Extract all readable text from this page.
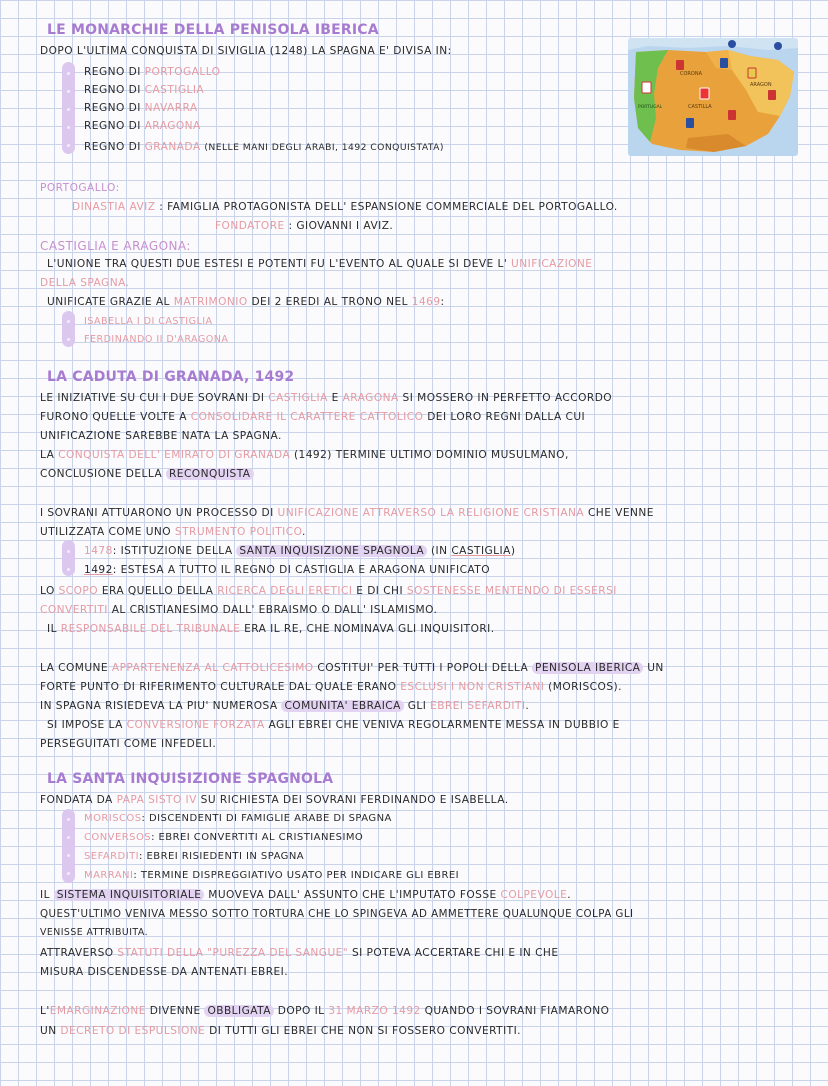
LE MONARCHIE DELLA PENISOLA IBERICA
DOPO L'ULTIMA CONQUISTA DI SIVIGLIA (1248) LA SPAGNA E' DIVISA IN:
REGNO DI PORTOGALLO
REGNO DI CASTIGLIA
REGNO DI NAVARRA
REGNO DI ARAGONA
REGNO DI GRANADA (NELLE MANI DEGLI ARABI, 1492 CONQUISTATA)
CORONA
ARAGON
PORTUGAL	CASTILLA
PORTOGALLO:
DINASTIA AVIZ : FAMIGLIA PROTAGONISTA DELL' ESPANSIONE COMMERCIALE DEL PORTOGALLO.
FONDATORE : GIOVANNI I AVIZ.
CASTIGLIA E ARAGONA:
L'UNIONE TRA QUESTI DUE ESTESI E POTENTI FU L'EVENTO AL QUALE SI DEVE L' UNIFICAZIONE
DELLA SPAGNA.
UNIFICATE GRAZIE AL MATRIMONIO DEI 2 EREDI AL TRONO NEL 1469:
ISABELLA I DI CASTIGLIA
FERDINANDO II D'ARAGONA
LA CADUTA DI GRANADA, 1492
LE INIZIATIVE SU CUI I DUE SOVRANI DI CASTIGLIA E ARAGONA SI MOSSERO IN PERFETTO ACCORDO
FURONO QUELLE VOLTE A CONSOLIDARE IL CARATTERE CATTOLICO DEI LORO REGNI DALLA CUI
UNIFICAZIONE SAREBBE NATA LA SPAGNA.
LA CONQUISTA DELL' EMIRATO DI GRANADA (1492) TERMINE ULTIMO DOMINIO MUSULMANO,
CONCLUSIONE DELLA RECONQUISTA
I SOVRANI ATTUARONO UN PROCESSO DI UNIFICAZIONE ATTRAVERSO LA RELIGIONE CRISTIANA CHE VENNE
UTILIZZATA COME UNO STRUMENTO POLITICO.
1478: ISTITUZIONE DELLA SANTA INQUISIZIONE SPAGNOLA (IN CASTIGLIA)
1492: ESTESA A TUTTO IL REGNO DI CASTIGLIA E ARAGONA UNIFICATO
LO SCOPO ERA QUELLO DELLA RICERCA DEGLI ERETICI E DI CHI SOSTENESSE MENTENDO DI ESSERSI
CONVERTITI AL CRISTIANESIMO DALL' EBRAISMO O DALL' ISLAMISMO.
IL RESPONSABILE DEL TRIBUNALE ERA IL RE, CHE NOMINAVA GLI INQUISITORI.
LA COMUNE APPARTENENZA AL CATTOLICESIMO COSTITUI' PER TUTTI I POPOLI DELLA PENISOLA IBERICA UN
FORTE PUNTO DI RIFERIMENTO CULTURALE DAL QUALE ERANO ESCLUSI I NON CRISTIANI (MORISCOS).
IN SPAGNA RISIEDEVA LA PIU' NUMEROSA COMUNITA' EBRAICA GLI EBREI SEFARDITI.
SI IMPOSE LA CONVERSIONE FORZATA AGLI EBREI CHE VENIVA REGOLARMENTE MESSA IN DUBBIO E
PERSEGUITATI COME INFEDELI.
LA SANTA INQUISIZIONE SPAGNOLA
FONDATA DA PAPA SISTO IV SU RICHIESTA DEI SOVRANI FERDINANDO E ISABELLA.
MORISCOS: DISCENDENTI DI FAMIGLIE ARABE DI SPAGNA
CONVERSOS: EBREI CONVERTITI AL CRISTIANESIMO
SEFARDITI: EBREI RISIEDENTI IN SPAGNA
MARRANI: TERMINE DISPREGGIATIVO USATO PER INDICARE GLI EBREI
IL SISTEMA INQUISITORIALE MUOVEVA DALL' ASSUNTO CHE L'IMPUTATO FOSSE COLPEVOLE.
QUEST'ULTIMO VENIVA MESSO SOTTO TORTURA CHE LO SPINGEVA AD AMMETTERE QUALUNQUE COLPA GLI
VENISSE ATTRIBUITA.
ATTRAVERSO STATUTI DELLA "PUREZZA DEL SANGUE" SI POTEVA ACCERTARE CHI E IN CHE
MISURA DISCENDESSE DA ANTENATI EBREI.
L'EMARGINAZIONE DIVENNE OBBLIGATA DOPO IL 31 MARZO 1492 QUANDO I SOVRANI FIAMARONO
UN DECRETO DI ESPULSIONE DI TUTTI GLI EBREI CHE NON SI FOSSERO CONVERTITI.
